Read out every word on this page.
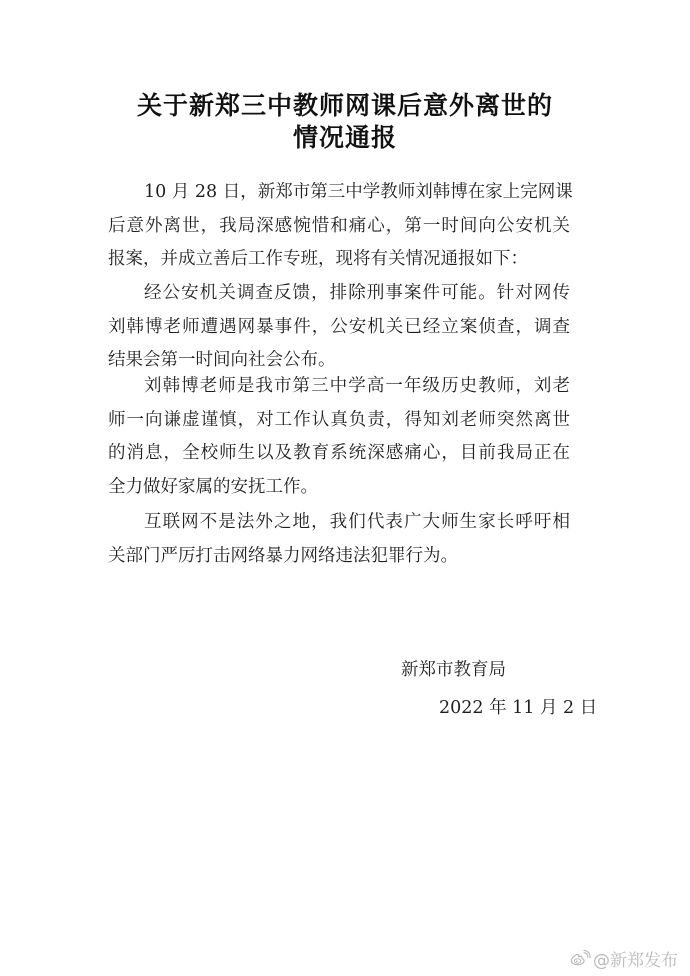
关于新郑三中教师网课后意外离世的
情况通报
10 月 28 日，新郑市第三中学教师刘韩博在家上完网课
后意外离世，我局深感惋惜和痛心，第一时间向公安机关
报案，并成立善后工作专班，现将有关情况通报如下：
经公安机关调查反馈，排除刑事案件可能。针对网传
刘韩博老师遭遇网暴事件，公安机关已经立案侦查，调查
结果会第一时间向社会公布。
刘韩博老师是我市第三中学高一年级历史教师，刘老
师一向谦虚谨慎，对工作认真负责，得知刘老师突然离世
的消息，全校师生以及教育系统深感痛心，目前我局正在
全力做好家属的安抚工作。
互联网不是法外之地，我们代表广大师生家长呼吁相
关部门严厉打击网络暴力网络违法犯罪行为。
新郑市教育局
2022 年 11 月 2 日
@新郑发布
